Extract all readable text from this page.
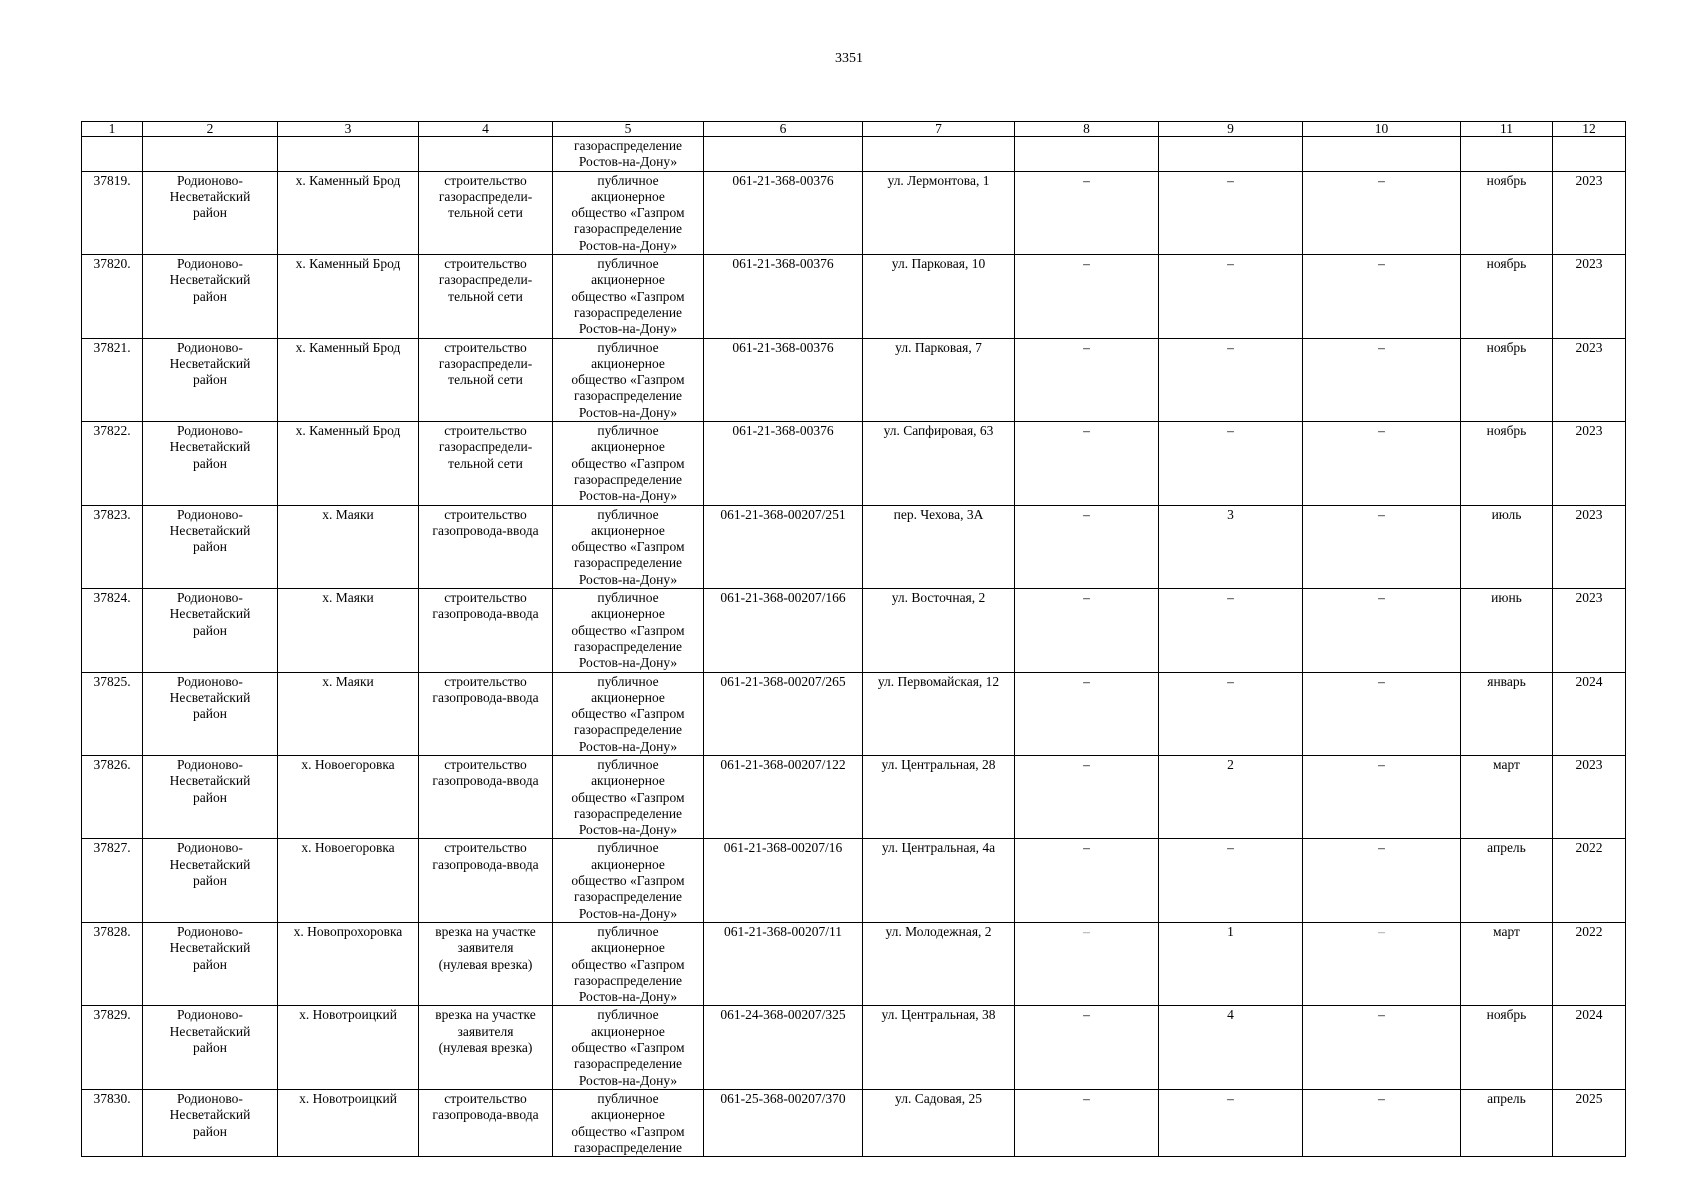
3351
1	2	3	4	5	6	7	8	9	10	11	12
				газораспределение
Ростов-на-Дону»							
37819.	Родионово-
Несветайский
район	х. Каменный Брод	строительство
газораспредели-
тельной сети	публичное
акционерное
общество «Газпром
газораспределение
Ростов-на-Дону»	061-21-368-00376	ул. Лермонтова, 1	–	–	–	ноябрь	2023
37820.	Родионово-
Несветайский
район	х. Каменный Брод	строительство
газораспредели-
тельной сети	публичное
акционерное
общество «Газпром
газораспределение
Ростов-на-Дону»	061-21-368-00376	ул. Парковая, 10	–	–	–	ноябрь	2023
37821.	Родионово-
Несветайский
район	х. Каменный Брод	строительство
газораспредели-
тельной сети	публичное
акционерное
общество «Газпром
газораспределение
Ростов-на-Дону»	061-21-368-00376	ул. Парковая, 7	–	–	–	ноябрь	2023
37822.	Родионово-
Несветайский
район	х. Каменный Брод	строительство
газораспредели-
тельной сети	публичное
акционерное
общество «Газпром
газораспределение
Ростов-на-Дону»	061-21-368-00376	ул. Сапфировая, 63	–	–	–	ноябрь	2023
37823.	Родионово-
Несветайский
район	х. Маяки	строительство
газопровода-ввода	публичное
акционерное
общество «Газпром
газораспределение
Ростов-на-Дону»	061-21-368-00207/251	пер. Чехова, 3А	–	3	–	июль	2023
37824.	Родионово-
Несветайский
район	х. Маяки	строительство
газопровода-ввода	публичное
акционерное
общество «Газпром
газораспределение
Ростов-на-Дону»	061-21-368-00207/166	ул. Восточная, 2	–	–	–	июнь	2023
37825.	Родионово-
Несветайский
район	х. Маяки	строительство
газопровода-ввода	публичное
акционерное
общество «Газпром
газораспределение
Ростов-на-Дону»	061-21-368-00207/265	ул. Первомайская, 12	–	–	–	январь	2024
37826.	Родионово-
Несветайский
район	х. Новоегоровка	строительство
газопровода-ввода	публичное
акционерное
общество «Газпром
газораспределение
Ростов-на-Дону»	061-21-368-00207/122	ул. Центральная, 28	–	2	–	март	2023
37827.	Родионово-
Несветайский
район	х. Новоегоровка	строительство
газопровода-ввода	публичное
акционерное
общество «Газпром
газораспределение
Ростов-на-Дону»	061-21-368-00207/16	ул. Центральная, 4а	–	–	–	апрель	2022
37828.	Родионово-
Несветайский
район	х. Новопрохоровка	врезка на участке
заявителя
(нулевая врезка)	публичное
акционерное
общество «Газпром
газораспределение
Ростов-на-Дону»	061-21-368-00207/11	ул. Молодежная, 2	–	1	–	март	2022
37829.	Родионово-
Несветайский
район	х. Новотроицкий	врезка на участке
заявителя
(нулевая врезка)	публичное
акционерное
общество «Газпром
газораспределение
Ростов-на-Дону»	061-24-368-00207/325	ул. Центральная, 38	–	4	–	ноябрь	2024
37830.	Родионово-
Несветайский
район	х. Новотроицкий	строительство
газопровода-ввода	публичное
акционерное
общество «Газпром
газораспределение	061-25-368-00207/370	ул. Садовая, 25	–	–	–	апрель	2025
